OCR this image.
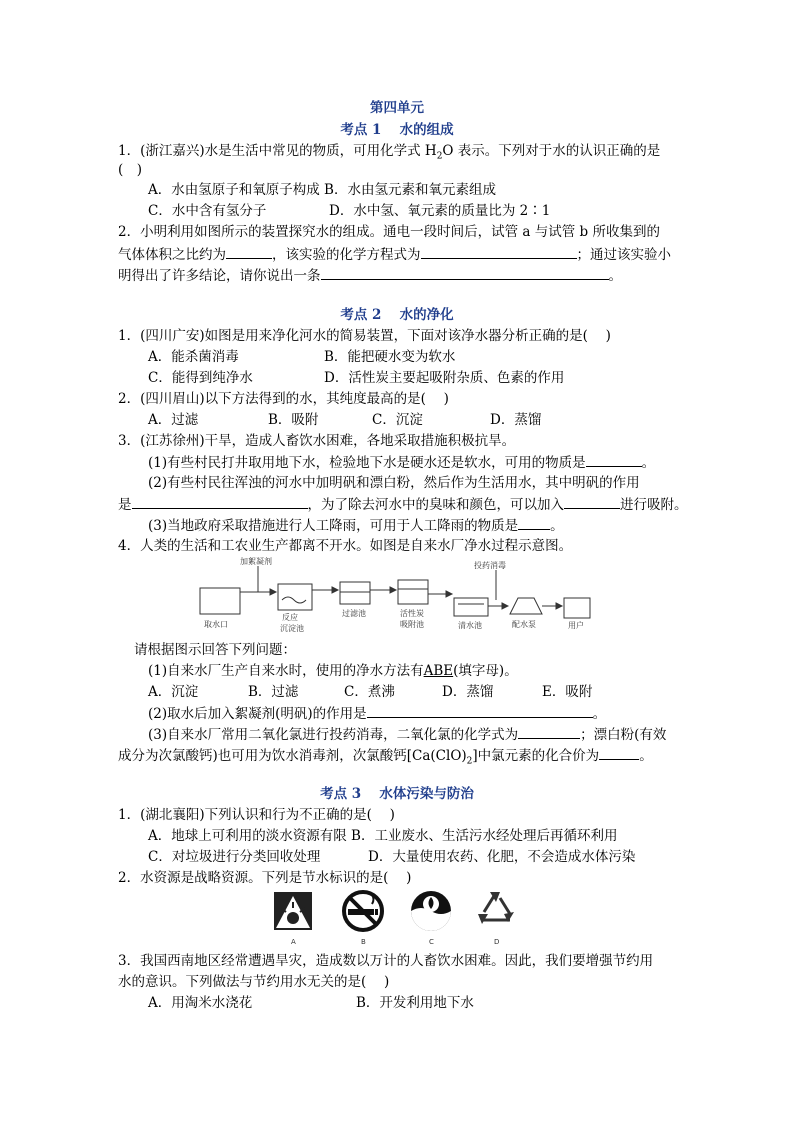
第四单元
考点 1　 水的组成
1．(浙江嘉兴)水是生活中常见的物质，可用化学式 $H_2O$ 表示。下列对于水的认识正确的是
(　)
A．水由氢原子和氧原子构成 B．水由氢元素和氧元素组成
C．水中含有氢分子	D．水中氢、氧元素的质量比为 2∶1
2．小明利用如图所示的装置探究水的组成。通电一段时间后，试管 a 与试管 b 所收集到的
气体体积之比约为	，该实验的化学方程式为	；通过该实验小
明得出了许多结论，请你说出一条	。
考点 2　 水的净化
1．(四川广安)如图是用来净化河水的简易装置，下面对该净水器分析正确的是(　 )
A．能杀菌消毒	B．能把硬水变为软水
C．能得到纯净水	D．活性炭主要起吸附杂质、色素的作用
2．(四川眉山)以下方法得到的水，其纯度最高的是(　 )
A．过滤	B．吸附	C．沉淀	D．蒸馏
3．(江苏徐州)干旱，造成人畜饮水困难，各地采取措施积极抗旱。
(1)有些村民打井取用地下水，检验地下水是硬水还是软水，可用的物质是	。
(2)有些村民往浑浊的河水中加明矾和漂白粉，然后作为生活用水，其中明矾的作用
是	，为了除去河水中的臭味和颜色，可以加入	进行吸附。
(3)当地政府采取措施进行人工降雨，可用于人工降雨的物质是 。
4．人类的生活和工农业生产都离不开水。如图是自来水厂净水过程示意图。
加絮凝剂
取水口
反应
沉淀池
过滤池	活性炭
吸附池	清水池
投药消毒
配水泵	用户
请根据图示回答下列问题：
(1)自来水厂生产自来水时，使用的净水方法有ABE(填字母)。
A．沉淀	B．过滤	C．煮沸	D．蒸馏	E．吸附
(2)取水后加入絮凝剂(明矾)的作用是	。
(3)自来水厂常用二氧化氯进行投药消毒，二氧化氯的化学式为	；漂白粉(有效
成分为次氯酸钙)也可用为饮水消毒剂，次氯酸钙$[Ca(ClO)_2]$中氯元素的化合价为	。
考点 3　 水体污染与防治
1．(湖北襄阳)下列认识和行为不正确的是(　 )
A．地球上可利用的淡水资源有限 B．工业废水、生活污水经处理后再循环利用
C．对垃圾进行分类回收处理	D．大量使用农药、化肥，不会造成水体污染
2．水资源是战略资源。下列是节水标识的是(　 )
A	B	C	D
3．我国西南地区经常遭遇旱灾，造成数以万计的人畜饮水困难。因此，我们要增强节约用
水的意识。下列做法与节约用水无关的是(　 )
A．用淘米水浇花	B．开发利用地下水
